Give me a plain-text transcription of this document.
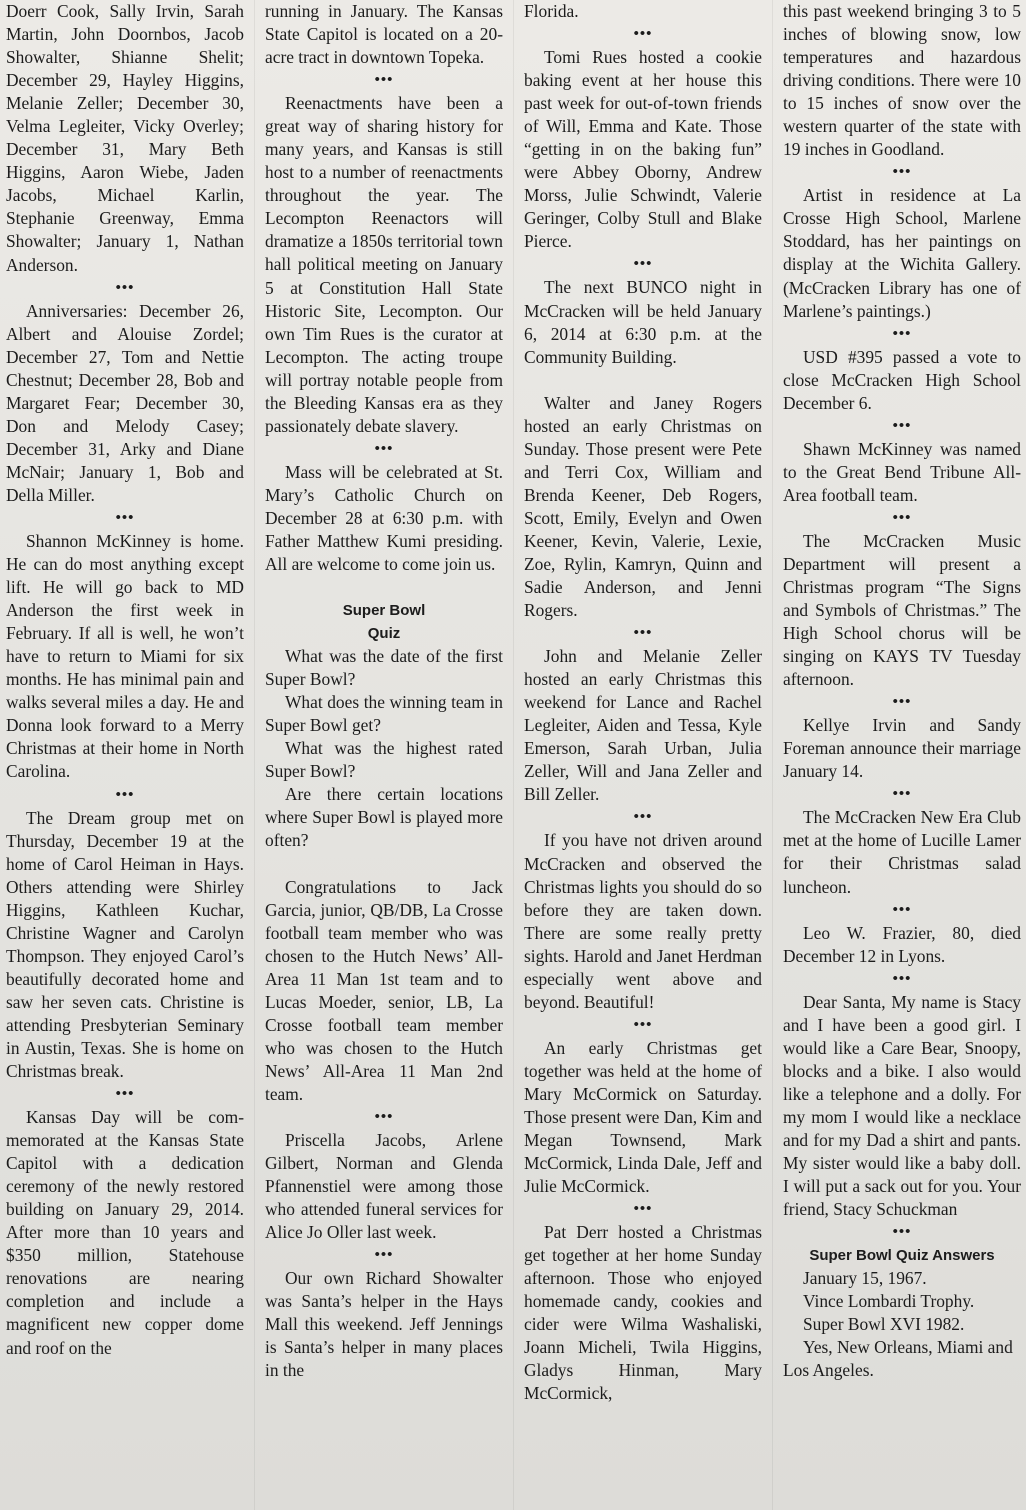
Doerr Cook, Sally Irvin, Sarah Martin, John Doornbos, Jacob Showalter, Shianne Shelit; December 29, Hayley Higgins, Melanie Zeller; December 30, Velma Legleiter, Vicky Overley; December 31, Mary Beth Higgins, Aaron Wiebe, Jaden Jacobs, Michael Karlin, Stephanie Greenway, Emma Showalter; January 1, Nathan Anderson.

•••

Anniversaries: December 26, Albert and Alouise Zordel; December 27, Tom and Nettie Chestnut; December 28, Bob and Margaret Fear; December 30, Don and Melody Casey; December 31, Arky and Diane McNair; January 1, Bob and Della Miller.

•••

Shannon McKinney is home. He can do most anything except lift. He will go back to MD Anderson the first week in February. If all is well, he won’t have to return to Miami for six months. He has minimal pain and walks several miles a day. He and Donna look forward to a Merry Christmas at their home in North Carolina.

•••

The Dream group met on Thursday, December 19 at the home of Carol Heiman in Hays. Others attending were Shirley Higgins, Kathleen Kuchar, Christine Wagner and Carolyn Thompson. They enjoyed Carol’s beautifully decorated home and saw her seven cats. Christine is attending Presbyterian Seminary in Austin, Texas. She is home on Christmas break.

•••

Kansas Day will be commemorated at the Kansas State Capitol with a dedication ceremony of the newly restored building on January 29, 2014. After more than 10 years and $350 million, Statehouse renovations are nearing completion and include a magnificent new copper dome and roof on the

running in January. The Kansas State Capitol is located on a 20-acre tract in downtown Topeka.

•••

Reenactments have been a great way of sharing history for many years, and Kansas is still host to a number of reenactments throughout the year. The Lecompton Reenactors will dramatize a 1850s territorial town hall political meeting on January 5 at Constitution Hall State Historic Site, Lecompton. Our own Tim Rues is the curator at Lecompton. The acting troupe will portray notable people from the Bleeding Kansas era as they passionately debate slavery.

•••

Mass will be celebrated at St. Mary’s Catholic Church on December 28 at 6:30 p.m. with Father Matthew Kumi presiding. All are welcome to come join us.

Super Bowl
Quiz

What was the date of the first Super Bowl?

What does the winning team in Super Bowl get?

What was the highest rated Super Bowl?

Are there certain locations where Super Bowl is played more often?

Congratulations to Jack Garcia, junior, QB/DB, La Crosse football team member who was chosen to the Hutch News’ All-Area 11 Man 1st team and to Lucas Moeder, senior, LB, La Crosse football team member who was chosen to the Hutch News’ All-Area 11 Man 2nd team.

•••

Priscella Jacobs, Arlene Gilbert, Norman and Glenda Pfannenstiel were among those who attended funeral services for Alice Jo Oller last week.

•••

Our own Richard Showalter was Santa’s helper in the Hays Mall this weekend. Jeff Jennings is Santa’s helper in many places in the

Florida.

•••

Tomi Rues hosted a cookie baking event at her house this past week for out-of-town friends of Will, Emma and Kate. Those “getting in on the baking fun” were Abbey Oborny, Andrew Morss, Julie Schwindt, Valerie Geringer, Colby Stull and Blake Pierce.

•••

The next BUNCO night in McCracken will be held January 6, 2014 at 6:30 p.m. at the Community Building.

Walter and Janey Rogers hosted an early Christmas on Sunday. Those present were Pete and Terri Cox, William and Brenda Keener, Deb Rogers, Scott, Emily, Evelyn and Owen Keener, Kevin, Valerie, Lexie, Zoe, Rylin, Kamryn, Quinn and Sadie Anderson, and Jenni Rogers.

•••

John and Melanie Zeller hosted an early Christmas this weekend for Lance and Rachel Legleiter, Aiden and Tessa, Kyle Emerson, Sarah Urban, Julia Zeller, Will and Jana Zeller and Bill Zeller.

•••

If you have not driven around McCracken and observed the Christmas lights you should do so before they are taken down. There are some really pretty sights. Harold and Janet Herdman especially went above and beyond. Beautiful!

•••

An early Christmas get together was held at the home of Mary McCormick on Saturday. Those present were Dan, Kim and Megan Townsend, Mark McCormick, Linda Dale, Jeff and Julie McCormick.

•••

Pat Derr hosted a Christmas get together at her home Sunday afternoon. Those who enjoyed homemade candy, cookies and cider were Wilma Washaliski, Joann Micheli, Twila Higgins, Gladys Hinman, Mary McCormick,

this past weekend bringing 3 to 5 inches of blowing snow, low temperatures and hazardous driving conditions. There were 10 to 15 inches of snow over the western quarter of the state with 19 inches in Goodland.

•••

Artist in residence at La Crosse High School, Marlene Stoddard, has her paintings on display at the Wichita Gallery. (McCracken Library has one of Marlene’s paintings.)

•••

USD #395 passed a vote to close McCracken High School December 6.

•••

Shawn McKinney was named to the Great Bend Tribune All-Area football team.

•••

The McCracken Music Department will present a Christmas program “The Signs and Symbols of Christmas.” The High School chorus will be singing on KAYS TV Tuesday afternoon.

•••

Kellye Irvin and Sandy Foreman announce their marriage January 14.

•••

The McCracken New Era Club met at the home of Lucille Lamer for their Christmas salad luncheon.

•••

Leo W. Frazier, 80, died December 12 in Lyons.

•••

Dear Santa, My name is Stacy and I have been a good girl. I would like a Care Bear, Snoopy, blocks and a bike. I also would like a telephone and a dolly. For my mom I would like a necklace and for my Dad a shirt and pants. My sister would like a baby doll. I will put a sack out for you. Your friend, Stacy Schuckman

•••
Super Bowl Quiz Answers

January 15, 1967.

Vince Lombardi Trophy.

Super Bowl XVI 1982.

Yes, New Orleans, Miami and Los Angeles.
